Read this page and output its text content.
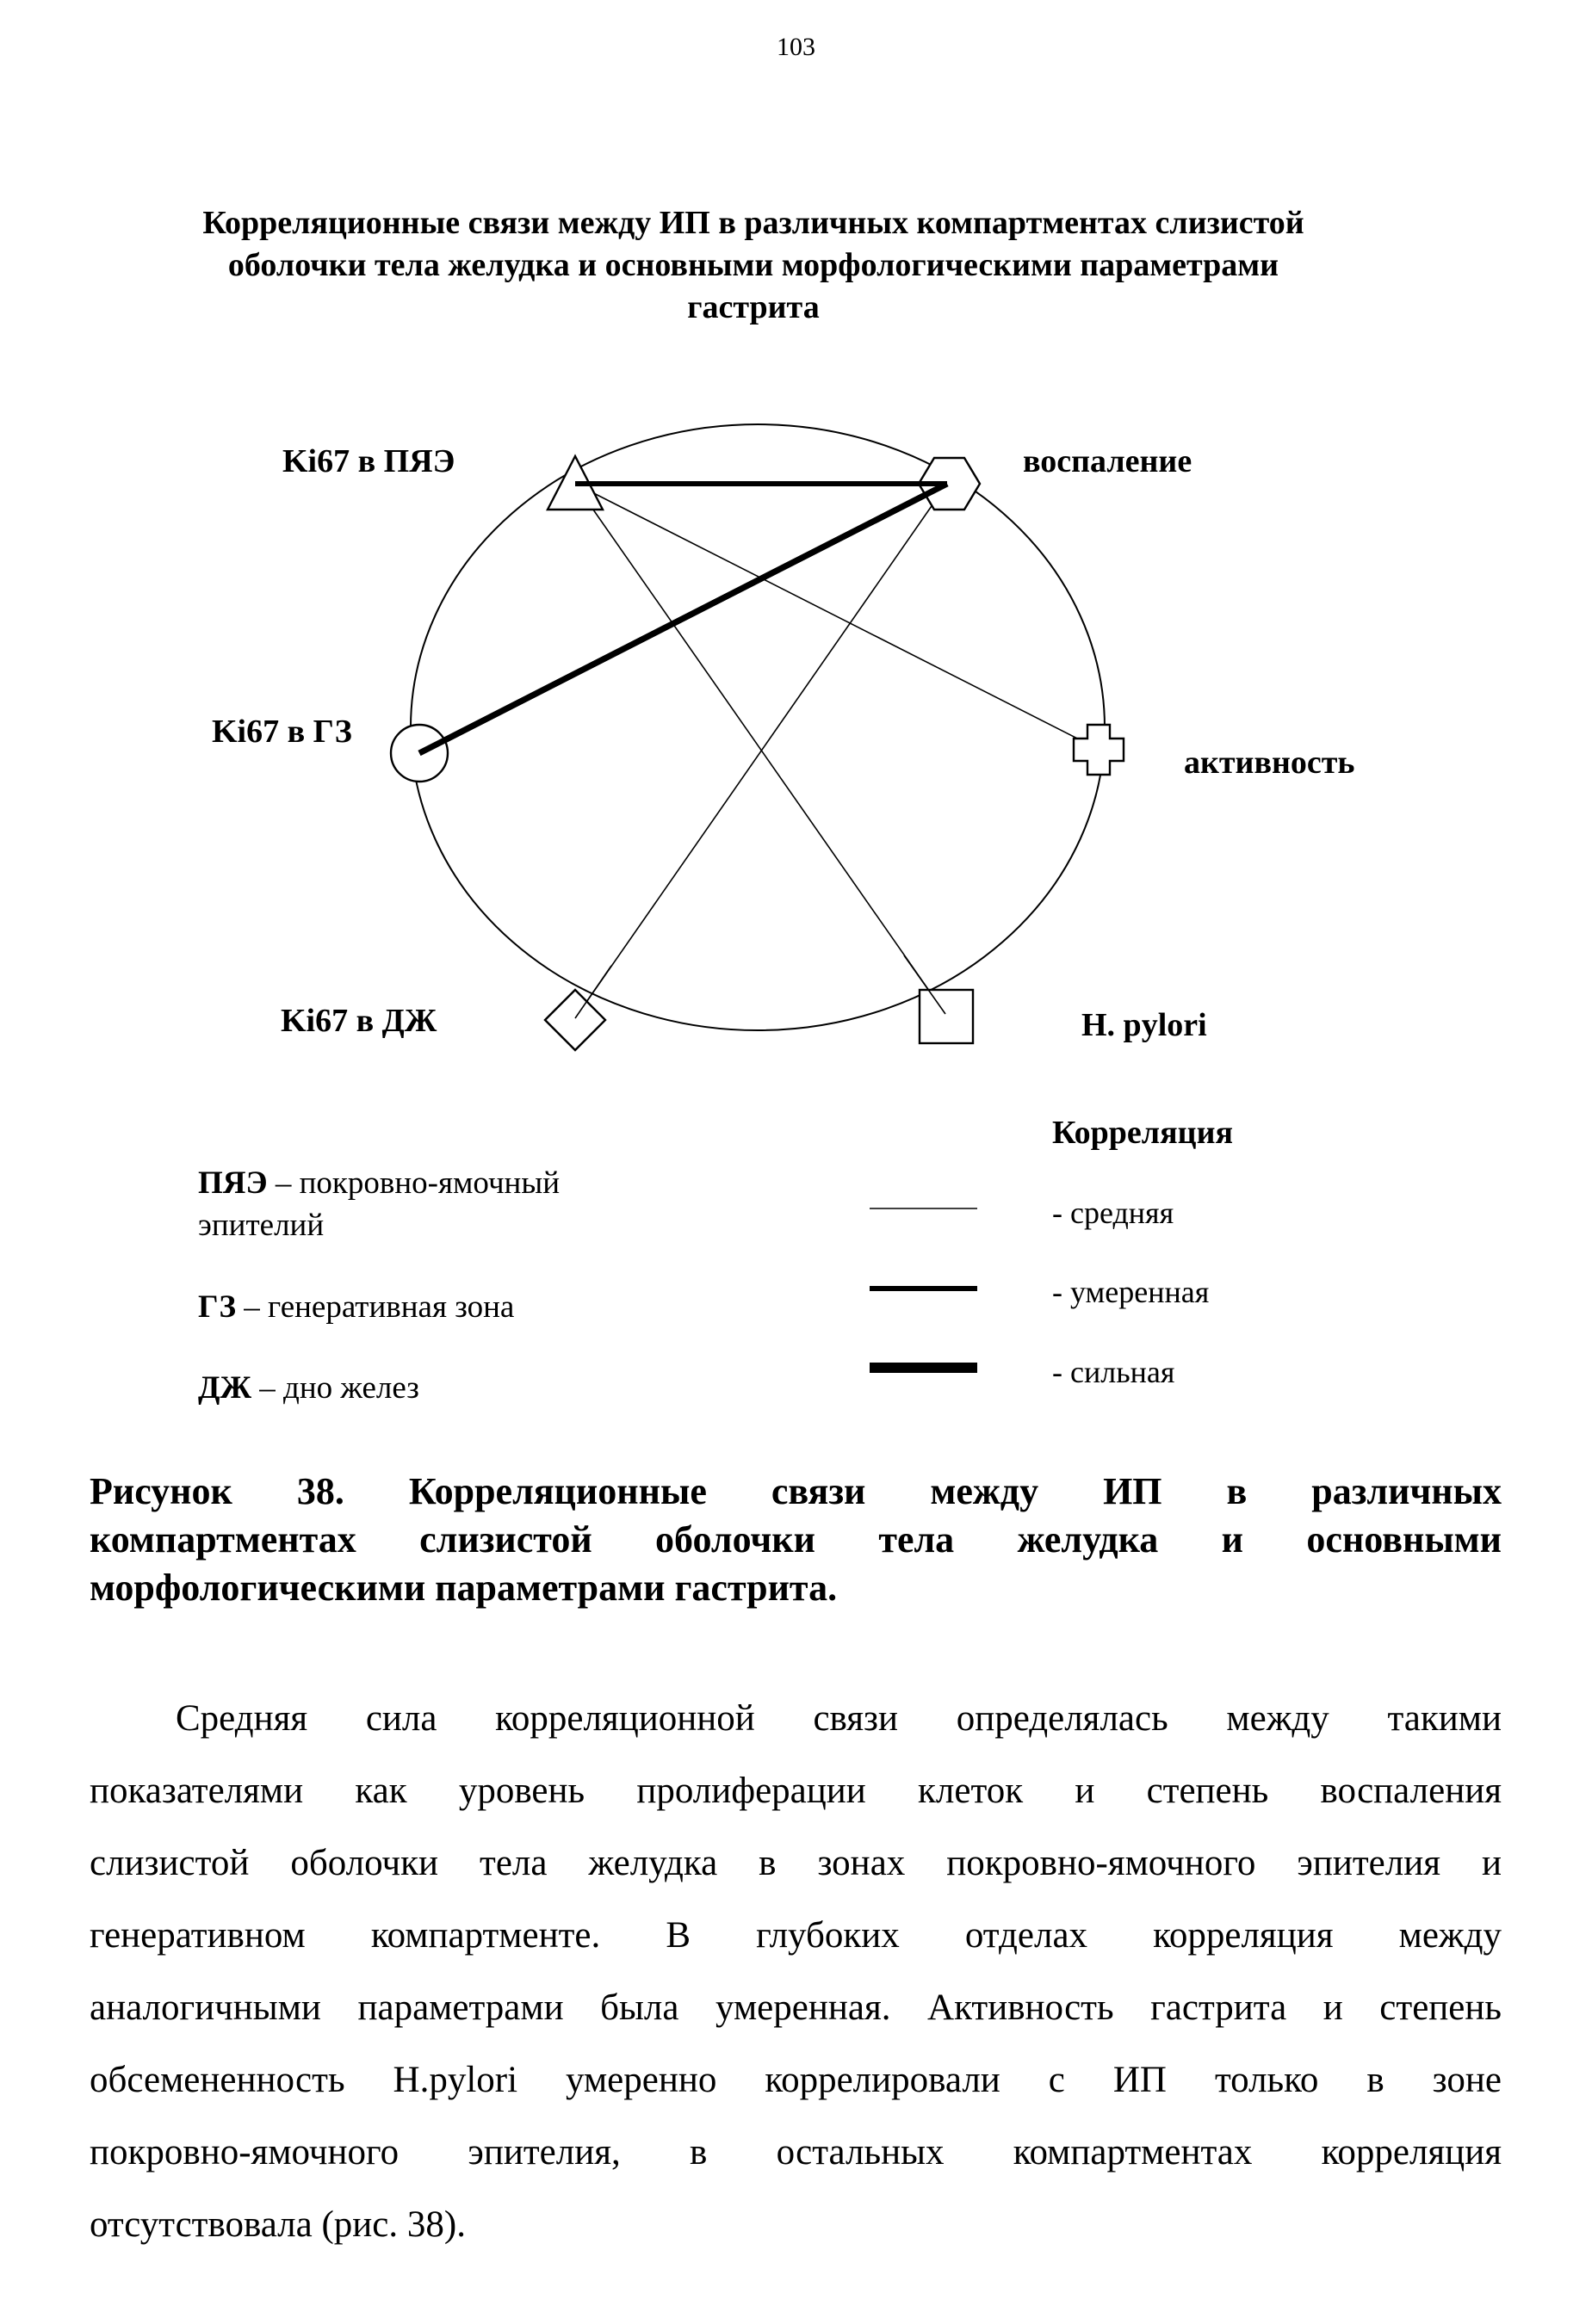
103
Корреляционные связи между ИП в различных компартментах слизистой
оболочки тела желудка и основными морфологическими параметрами
гастрита
Ki67 в ПЯЭ	воспаление
Ki67 в ГЗ
активность
Ki67 в ДЖ	H. pylori
Корреляция
- средняя
- умеренная
- сильная
ПЯЭ – покровно-ямочный
эпителий
ГЗ – генеративная зона
ДЖ – дно желез
Рисунок 38. Корреляционные связи между ИП в различных
компартментах слизистой оболочки тела желудка и основными
морфологическими параметрами гастрита.
Средняя сила корреляционной связи определялась между такими
показателями как уровень пролиферации клеток и степень воспаления
слизистой оболочки тела желудка в зонах покровно-ямочного эпителия и
генеративном компартменте. В глубоких отделах корреляция между
аналогичными параметрами была умеренная. Активность гастрита и степень
обсемененность H.pylori умеренно коррелировали с ИП только в зоне
покровно-ямочного эпителия, в остальных компартментах корреляция
отсутствовала (рис. 38).
